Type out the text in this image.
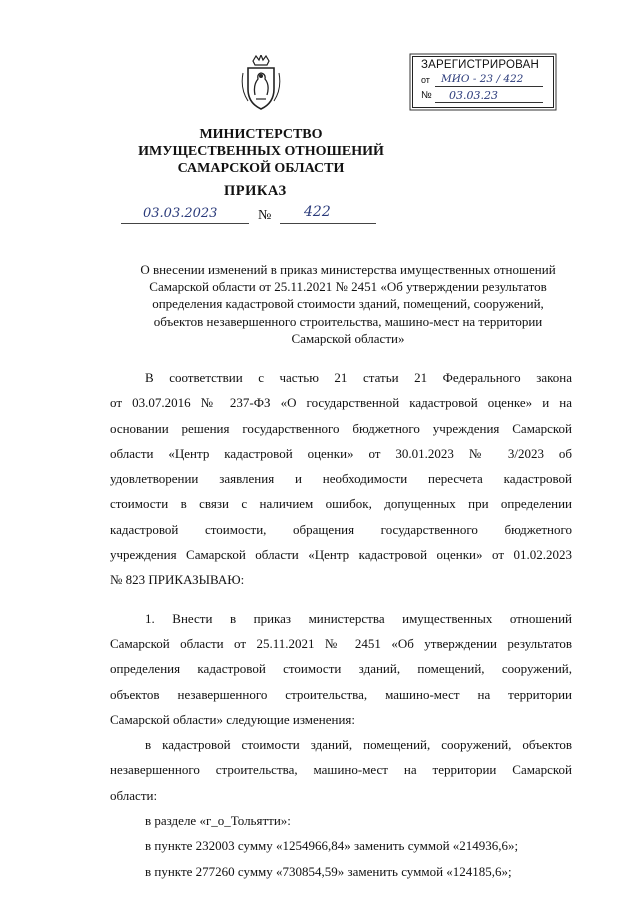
ЗАРЕГИСТРИРОВАН
от МИО - 23 / 422
№ 03.03.23
МИНИСТЕРСТВО
ИМУЩЕСТВЕННЫХ ОТНОШЕНИЙ
САМАРСКОЙ ОБЛАСТИ
ПРИКАЗ
03.03.2023	№ 422
О внесении изменений в приказ министерства имущественных отношений
Самарской области от 25.11.2021 № 2451 «Об утверждении результатов
определения кадастровой стоимости зданий, помещений, сооружений,
объектов незавершенного строительства, машино-мест на территории
Самарской области»
В соответствии с частью 21 статьи 21 Федерального закона
от 03.07.2016 № 237-ФЗ «О государственной кадастровой оценке» и на
основании решения государственного бюджетного учреждения Самарской
области «Центр кадастровой оценки» от 30.01.2023 № 3/2023 об
удовлетворении заявления и необходимости пересчета кадастровой
стоимости в связи с наличием ошибок, допущенных при определении
кадастровой стоимости, обращения государственного бюджетного
учреждения Самарской области «Центр кадастровой оценки» от 01.02.2023
№ 823 ПРИКАЗЫВАЮ:
1. Внести в приказ министерства имущественных отношений
Самарской области от 25.11.2021 № 2451 «Об утверждении результатов
определения кадастровой стоимости зданий, помещений, сооружений,
объектов незавершенного строительства, машино-мест на территории
Самарской области» следующие изменения:
в кадастровой стоимости зданий, помещений, сооружений, объектов
незавершенного строительства, машино-мест на территории Самарской
области:
в разделе «г_о_Тольятти»:
в пункте 232003 сумму «1254966,84» заменить суммой «214936,6»;
в пункте 277260 сумму «730854,59» заменить суммой «124185,6»;
